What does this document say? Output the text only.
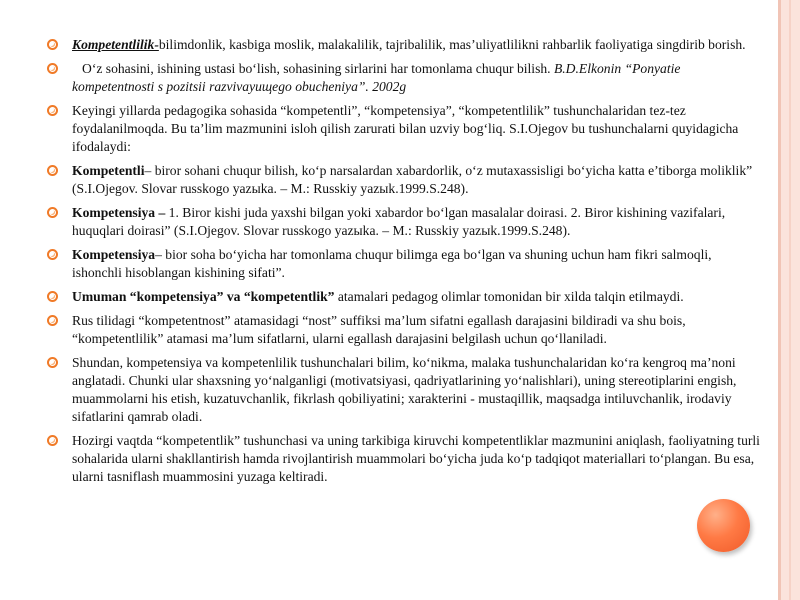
Kompetentlilik-bilimdonlik, kasbiga moslik, malakalilik, tajribalilik, mas’uliyatlilikni rahbarlik faoliyatiga singdirib borish.
O‘z sohasini, ishining ustasi bo‘lish, sohasining sirlarini har tomonlama chuqur bilish. B.D.Elkonin “Ponyatie kompetentnosti s pozitsii razvivayuщego obucheniya”. 2002g
Keyingi yillarda pedagogika sohasida “kompetentli”, “kompetensiya”, “kompetentlilik” tushunchalaridan tez-tez foydalanilmoqda. Bu ta’lim mazmunini isloh qilish zarurati bilan uzviy bog‘liq. S.I.Ojegov bu tushunchalarni quyidagicha ifodalaydi:
Kompetentli– biror sohani chuqur bilish, ko‘p narsalardan xabardorlik, o‘z mutaxassisligi bo‘yicha katta e’tiborga moliklik” (S.I.Ojegov. Slovar russkogo yazыka. – M.: Russkiy yazыk.1999.S.248).
Kompetensiya – 1. Biror kishi juda yaxshi bilgan yoki xabardor bo‘lgan masalalar doirasi. 2. Biror kishining vazifalari, huquqlari doirasi” (S.I.Ojegov. Slovar russkogo yazыka. – M.: Russkiy yazыk.1999.S.248).
Kompetensiya– bior soha bo‘yicha har tomonlama chuqur bilimga ega bo‘lgan va shuning uchun ham fikri salmoqli, ishonchli hisoblangan kishining sifati”.
Umuman “kompetensiya” va “kompetentlik” atamalari pedagog olimlar tomonidan bir xilda talqin etilmaydi.
Rus tilidagi “kompetentnost” atamasidagi “nost” suffiksi ma’lum sifatni egallash darajasini bildiradi va shu bois, “kompetentlilik” atamasi ma’lum sifatlarni, ularni egallash darajasini belgilash uchun qo‘llaniladi.
Shundan, kompetensiya va kompetenlilik tushunchalari bilim, ko‘nikma, malaka tushunchalaridan ko‘ra kengroq ma’noni anglatadi. Chunki ular shaxsning yo‘nalganligi (motivatsiyasi, qadriyatlarining yo‘nalishlari), uning stereotiplarini engish, muammolarni his etish, kuzatuvchanlik, fikrlash qobiliyatini; xarakterini - mustaqillik, maqsadga intiluvchanlik, irodaviy sifatlarini qamrab oladi.
Hozirgi vaqtda “kompetentlik” tushunchasi va uning tarkibiga kiruvchi kompetentliklar mazmunini aniqlash, faoliyatning turli sohalarida ularni shakllantirish hamda rivojlantirish muammolari bo‘yicha juda ko‘p tadqiqot materiallari to‘plangan. Bu esa, ularni tasniflash muammosini yuzaga keltiradi.
